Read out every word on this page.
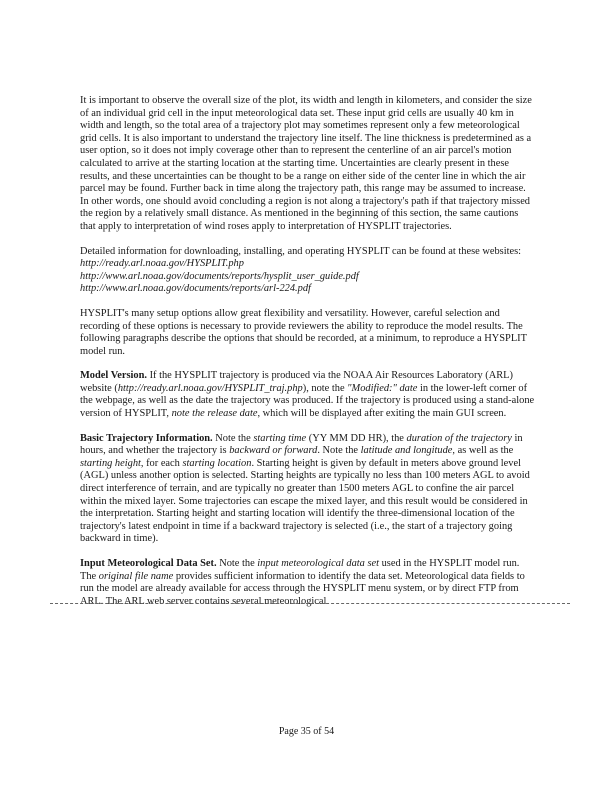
It is important to observe the overall size of the plot, its width and length in kilometers, and consider the size of an individual grid cell in the input meteorological data set. These input grid cells are usually 40 km in width and length, so the total area of a trajectory plot may sometimes represent only a few meteorological grid cells. It is also important to understand the trajectory line itself. The line thickness is predetermined as a user option, so it does not imply coverage other than to represent the centerline of an air parcel's motion calculated to arrive at the starting location at the starting time. Uncertainties are clearly present in these results, and these uncertainties can be thought to be a range on either side of the center line in which the air parcel may be found. Further back in time along the trajectory path, this range may be assumed to increase. In other words, one should avoid concluding a region is not along a trajectory's path if that trajectory missed the region by a relatively small distance. As mentioned in the beginning of this section, the same cautions that apply to interpretation of wind roses apply to interpretation of HYSPLIT trajectories.

Detailed information for downloading, installing, and operating HYSPLIT can be found at these websites:
http://ready.arl.noaa.gov/HYSPLIT.php
http://www.arl.noaa.gov/documents/reports/hysplit_user_guide.pdf
http://www.arl.noaa.gov/documents/reports/arl-224.pdf

HYSPLIT's many setup options allow great flexibility and versatility. However, careful selection and recording of these options is necessary to provide reviewers the ability to reproduce the model results. The following paragraphs describe the options that should be recorded, at a minimum, to reproduce a HYSPLIT model run.

Model Version. If the HYSPLIT trajectory is produced via the NOAA Air Resources Laboratory (ARL) website (http://ready.arl.noaa.gov/HYSPLIT_traj.php), note the "Modified:" date in the lower-left corner of the webpage, as well as the date the trajectory was produced. If the trajectory is produced using a stand-alone version of HYSPLIT, note the release date, which will be displayed after exiting the main GUI screen.

Basic Trajectory Information. Note the starting time (YY MM DD HR), the duration of the trajectory in hours, and whether the trajectory is backward or forward. Note the latitude and longitude, as well as the starting height, for each starting location. Starting height is given by default in meters above ground level (AGL) unless another option is selected. Starting heights are typically no less than 100 meters AGL to avoid direct interference of terrain, and are typically no greater than 1500 meters AGL to confine the air parcel within the mixed layer. Some trajectories can escape the mixed layer, and this result would be considered in the interpretation. Starting height and starting location will identify the three-dimensional location of the trajectory's latest endpoint in time if a backward trajectory is selected (i.e., the start of a trajectory going backward in time).

Input Meteorological Data Set. Note the input meteorological data set used in the HYSPLIT model run. The original file name provides sufficient information to identify the data set. Meteorological data fields to run the model are already available for access through the HYSPLIT menu system, or by direct FTP from ARL. The ARL web server contains several meteorological

Page 35 of 54
